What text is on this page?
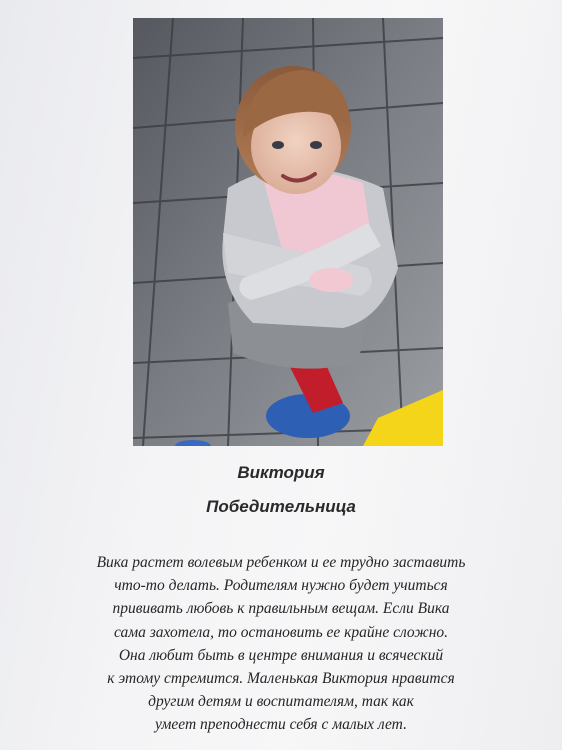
Виктория
Победительница
Вика растет волевым ребенком и ее трудно заставить
что-то делать. Родителям нужно будет учиться
прививать любовь к правильным вещам. Если Вика
сама захотела, то остановить ее крайне сложно.
Она любит быть в центре внимания и всяческий
к этому стремится. Маленькая Виктория нравится
другим детям и воспитателям, так как
умеет преподнести себя с малых лет.
